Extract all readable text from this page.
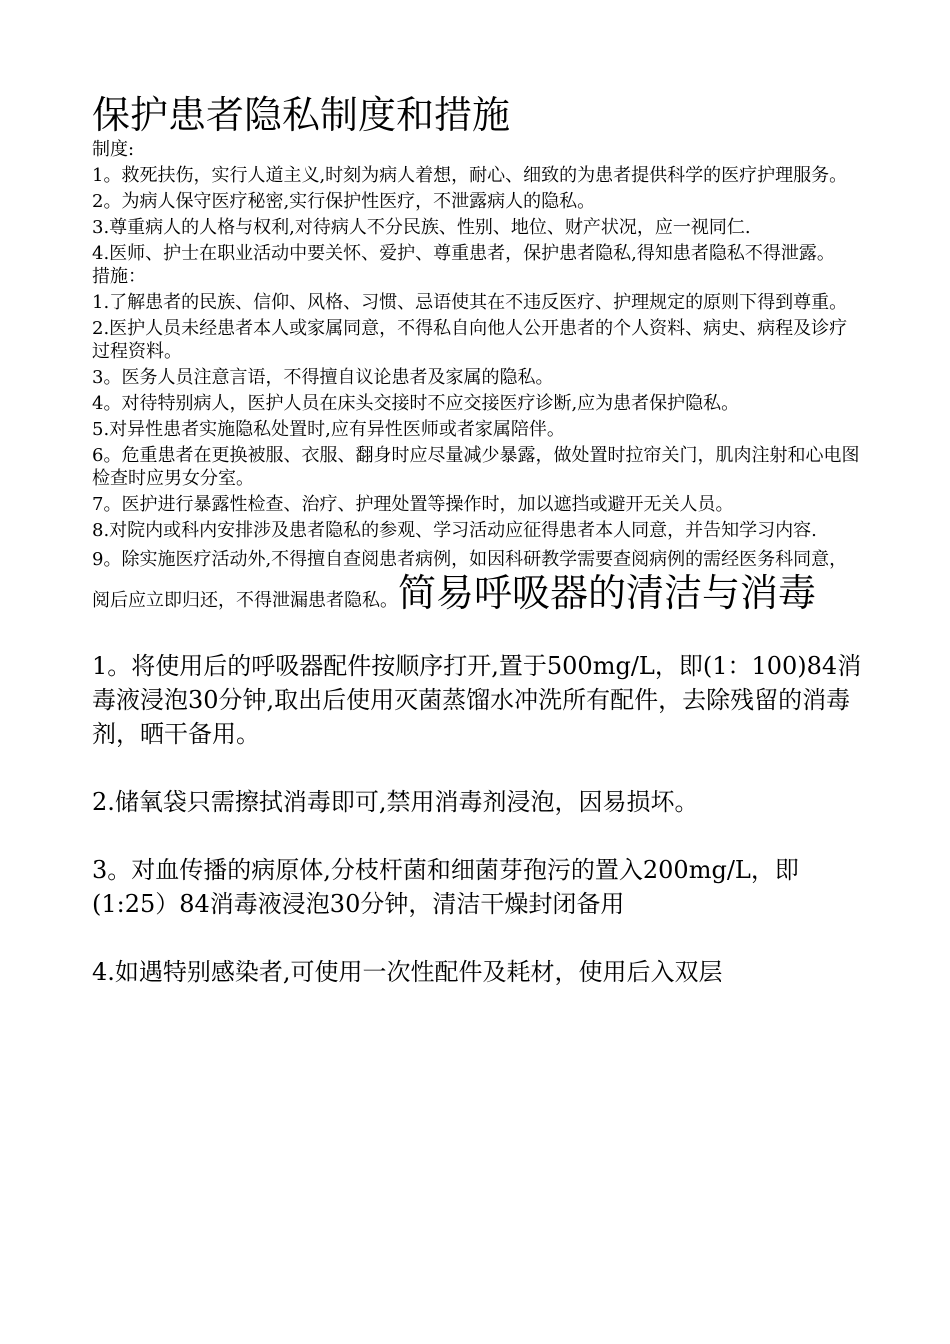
保护患者隐私制度和措施

制度:

1。救死扶伤，实行人道主义,时刻为病人着想，耐心、细致的为患者提供科学的医疗护理服务。

2。为病人保守医疗秘密,实行保护性医疗，不泄露病人的隐私。

3.尊重病人的人格与权利,对待病人不分民族、性别、地位、财产状况，应一视同仁.

4.医师、护士在职业活动中要关怀、爱护、尊重患者，保护患者隐私,得知患者隐私不得泄露。

措施：

1.了解患者的民族、信仰、风格、习惯、忌语使其在不违反医疗、护理规定的原则下得到尊重。

2.医护人员未经患者本人或家属同意，不得私自向他人公开患者的个人资料、病史、病程及诊疗过程资料。

3。医务人员注意言语，不得擅自议论患者及家属的隐私。

4。对待特别病人，医护人员在床头交接时不应交接医疗诊断,应为患者保护隐私。

5.对异性患者实施隐私处置时,应有异性医师或者家属陪伴。

6。危重患者在更换被服、衣服、翻身时应尽量减少暴露，做处置时拉帘关门，肌肉注射和心电图检查时应男女分室。

7。医护进行暴露性检查、治疗、护理处置等操作时，加以遮挡或避开无关人员。

8.对院内或科内安排涉及患者隐私的参观、学习活动应征得患者本人同意，并告知学习内容.

9。除实施医疗活动外,不得擅自查阅患者病例，如因科研教学需要查阅病例的需经医务科同意，阅后应立即归还，不得泄漏患者隐私。简易呼吸器的清洁与消毒

1。将使用后的呼吸器配件按顺序打开,置于500mg/L，即(1：100)84消毒液浸泡30分钟,取出后使用灭菌蒸馏水冲洗所有配件，去除残留的消毒剂，晒干备用。

2.储氧袋只需擦拭消毒即可,禁用消毒剂浸泡，因易损坏。

3。对血传播的病原体,分枝杆菌和细菌芽孢污的置入200mg/L，即(1:25）84消毒液浸泡30分钟，清洁干燥封闭备用

4.如遇特别感染者,可使用一次性配件及耗材，使用后入双层
